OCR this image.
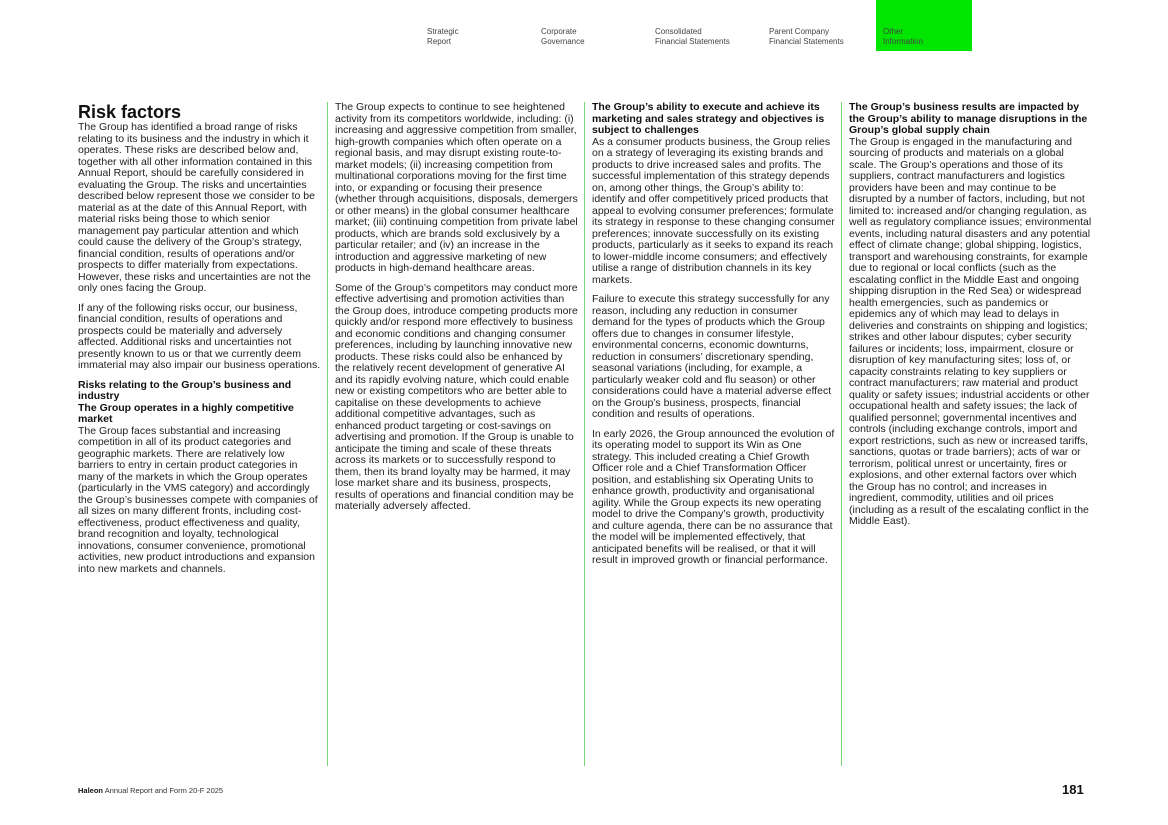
Strategic
Report
Corporate
Governance
Consolidated
Financial Statements
Parent Company
Financial Statements
Other
Information
Risk factors

The Group has identified a broad range of risks relating to its business and the industry in which it operates. These risks are described below and, together with all other information contained in this Annual Report, should be carefully considered in evaluating the Group. The risks and uncertainties described below represent those we consider to be material as at the date of this Annual Report, with material risks being those to which senior management pay particular attention and which could cause the delivery of the Group’s strategy, financial condition, results of operations and/or prospects to differ materially from expectations. However, these risks and uncertainties are not the only ones facing the Group.

If any of the following risks occur, our business, financial condition, results of operations and prospects could be materially and adversely affected. Additional risks and uncertainties not presently known to us or that we currently deem immaterial may also impair our business operations.

Risks relating to the Group’s business and industry
The Group operates in a highly competitive market

The Group faces substantial and increasing competition in all of its product categories and geographic markets. There are relatively low barriers to entry in certain product categories in many of the markets in which the Group operates (particularly in the VMS category) and accordingly the Group’s businesses compete with companies of all sizes on many different fronts, including cost-effectiveness, product effectiveness and quality, brand recognition and loyalty, technological innovations, consumer convenience, promotional activities, new product introductions and expansion into new markets and channels.

The Group expects to continue to see heightened activity from its competitors worldwide, including: (i) increasing and aggressive competition from smaller, high-growth companies which often operate on a regional basis, and may disrupt existing route-to-market models; (ii) increasing competition from multinational corporations moving for the first time into, or expanding or focusing their presence (whether through acquisitions, disposals, demergers or other means) in the global consumer healthcare market; (iii) continuing competition from private label products, which are brands sold exclusively by a particular retailer; and (iv) an increase in the introduction and aggressive marketing of new products in high-demand healthcare areas.

Some of the Group’s competitors may conduct more effective advertising and promotion activities than the Group does, introduce competing products more quickly and/or respond more effectively to business and economic conditions and changing consumer preferences, including by launching innovative new products. These risks could also be enhanced by the relatively recent development of generative AI and its rapidly evolving nature, which could enable new or existing competitors who are better able to capitalise on these developments to achieve additional competitive advantages, such as enhanced product targeting or cost-savings on advertising and promotion. If the Group is unable to anticipate the timing and scale of these threats across its markets or to successfully respond to them, then its brand loyalty may be harmed, it may lose market share and its business, prospects, results of operations and financial condition may be materially adversely affected.

The Group’s ability to execute and achieve its marketing and sales strategy and objectives is subject to challenges

As a consumer products business, the Group relies on a strategy of leveraging its existing brands and products to drive increased sales and profits. The successful implementation of this strategy depends on, among other things, the Group’s ability to: identify and offer competitively priced products that appeal to evolving consumer preferences; formulate its strategy in response to these changing consumer preferences; innovate successfully on its existing products, particularly as it seeks to expand its reach to lower-middle income consumers; and effectively utilise a range of distribution channels in its key markets.

Failure to execute this strategy successfully for any reason, including any reduction in consumer demand for the types of products which the Group offers due to changes in consumer lifestyle, environmental concerns, economic downturns, reduction in consumers’ discretionary spending, seasonal variations (including, for example, a particularly weaker cold and flu season) or other considerations could have a material adverse effect on the Group’s business, prospects, financial condition and results of operations.

In early 2026, the Group announced the evolution of its operating model to support its Win as One strategy. This included creating a Chief Growth Officer role and a Chief Transformation Officer position, and establishing six Operating Units to enhance growth, productivity and organisational agility. While the Group expects its new operating model to drive the Company’s growth, productivity and culture agenda, there can be no assurance that the model will be implemented effectively, that anticipated benefits will be realised, or that it will result in improved growth or financial performance.

The Group’s business results are impacted by the Group’s ability to manage disruptions in the Group’s global supply chain

The Group is engaged in the manufacturing and sourcing of products and materials on a global scale. The Group’s operations and those of its suppliers, contract manufacturers and logistics providers have been and may continue to be disrupted by a number of factors, including, but not limited to: increased and/or changing regulation, as well as regulatory compliance issues; environmental events, including natural disasters and any potential effect of climate change; global shipping, logistics, transport and warehousing constraints, for example due to regional or local conflicts (such as the escalating conflict in the Middle East and ongoing shipping disruption in the Red Sea) or widespread health emergencies, such as pandemics or epidemics any of which may lead to delays in deliveries and constraints on shipping and logistics; strikes and other labour disputes; cyber security failures or incidents; loss, impairment, closure or disruption of key manufacturing sites; loss of, or capacity constraints relating to key suppliers or contract manufacturers; raw material and product quality or safety issues; industrial accidents or other occupational health and safety issues; the lack of qualified personnel; governmental incentives and controls (including exchange controls, import and export restrictions, such as new or increased tariffs, sanctions, quotas or trade barriers); acts of war or terrorism, political unrest or uncertainty, fires or explosions, and other external factors over which the Group has no control; and increases in ingredient, commodity, utilities and oil prices (including as a result of the escalating conflict in the Middle East).

Haleon Annual Report and Form 20-F 2025	181
